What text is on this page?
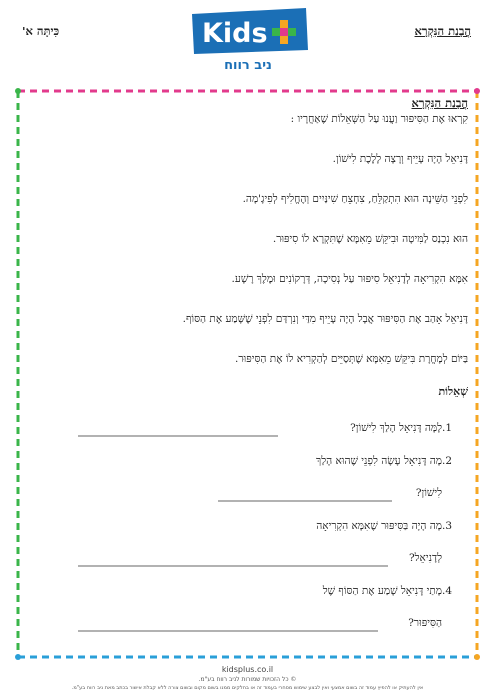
כִּיתָּה א'	הֲבָנַת הַנִּקְרָא
Kids
ניב רווח

הֲבָנַת הַנִּקְרָא

קִרְאוּ אֶת הַסִּיפּוּר וַעֲנוּ עַל הַשְּׁאֵלוֹת שֶׁאַחֲרָיו :

דָּנִיאֵל הָיָה עָיֵיף וְרָצָה לָלֶכֶת לִישׁוֹן.

לִפְנֵי הַשֵּׁינָה הוּא הִתְקַלֵּחַ, צִחְצֵחַ שִׁינַּיִים וְהֶחֱלִיף לְפִיגָ'מָה.

הוּא נִכְנַס לַמִּיטָה וּבִיקֵּשׁ מֵאִמָּא שֶׁתִּקְרָא לוֹ סִיפּוּר.

אִמָּא הִקְרִיאָה לְדָנִיאֵל סִיפּוּר עַל נְסִיכָה, דְּרָקוֹנִים וּמֶלֶךְ רָשָׁע.

דָּנִיאֵל אָהַב אֶת הַסִּיפּוּר אֲבָל הָיָה עָיֵיף מִדַּי וְנִרְדַּם לִפְנֵי שֶׁשָּׁמַע אֶת הַסּוֹף.

בַּיּוֹם לְמָחֳרָת בִּיקֵּשׁ מֵאִמָּא שֶׁתְּסַיֵּים לְהַקְרִיא לוֹ אֶת הַסִּיפּוּר.

שְׁאֵלוֹת
1.לָמָּה דָּנִיאֵל הָלַךְ לִישׁוֹן?
2.מָה דָּנִיאֵל עָשָׂה לִפְנֵי שֶׁהוּא הָלַךְ
לִישׁוֹן?
3.מָה הָיָה בַּסִּיפּוּר שֶׁאִמָּא הִקְרִיאָה
לְדָנִיאֵל?
4.מָתַי דָּנִיאֵל שָׁמַע אֶת הַסּוֹף שֶׁל
הַסִּיפּוּר?
kidsplus.co.il
© כל הזכויות שמורות לניב רווח בע"מ.
אין להעתיק או להפיץ עמוד זה בשום אמצעי ואין לבצע שימוש מסחרי בעמוד זה או בחלקים ממנו בשום מקום ובשום צורה ללא קבלת אישור בכתב מאת ניב רווח בע"מ.
